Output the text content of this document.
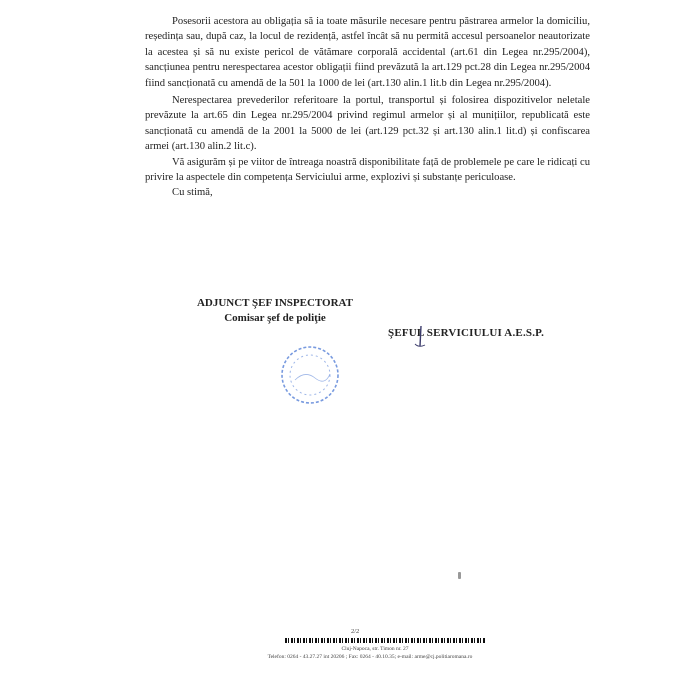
Posesorii acestora au obligația să ia toate măsurile necesare pentru păstrarea armelor la domiciliu, reședința sau, după caz, la locul de rezidență, astfel încât să nu permită accesul persoanelor neautorizate la acestea și să nu existe pericol de vătămare corporală accidental (art.61 din Legea nr.295/2004), sancțiunea pentru nerespectarea acestor obligații fiind prevăzută la art.129 pct.28 din Legea nr.295/2004 fiind sancționată cu amendă de la 501 la 1000 de lei (art.130 alin.1 lit.b din Legea nr.295/2004).

Nerespectarea prevederilor referitoare la portul, transportul și folosirea dispozitivelor neletale prevăzute la art.65 din Legea nr.295/2004 privind regimul armelor și al munițiilor, republicată este sancționată cu amendă de la 2001 la 5000 de lei (art.129 pct.32 și art.130 alin.1 lit.d) și confiscarea armei (art.130 alin.2 lit.c).

Vă asigurăm și pe viitor de întreaga noastră disponibilitate față de problemele pe care le ridicați cu privire la aspectele din competența Serviciului arme, explozivi și substanțe periculoase.

Cu stimă,

ADJUNCT ŞEF INSPECTORAT
Comisar şef de poliţie
ŞEFUL SERVICIULUI A.E.S.P.
2/2
Cluj-Napoca, str. Timon nr. 27
Telefon: 0264 - 43.27.27 int 20206 ; Fax: 0264 - 40.10.35; e-mail: arme@cj.politiaromana.ro
